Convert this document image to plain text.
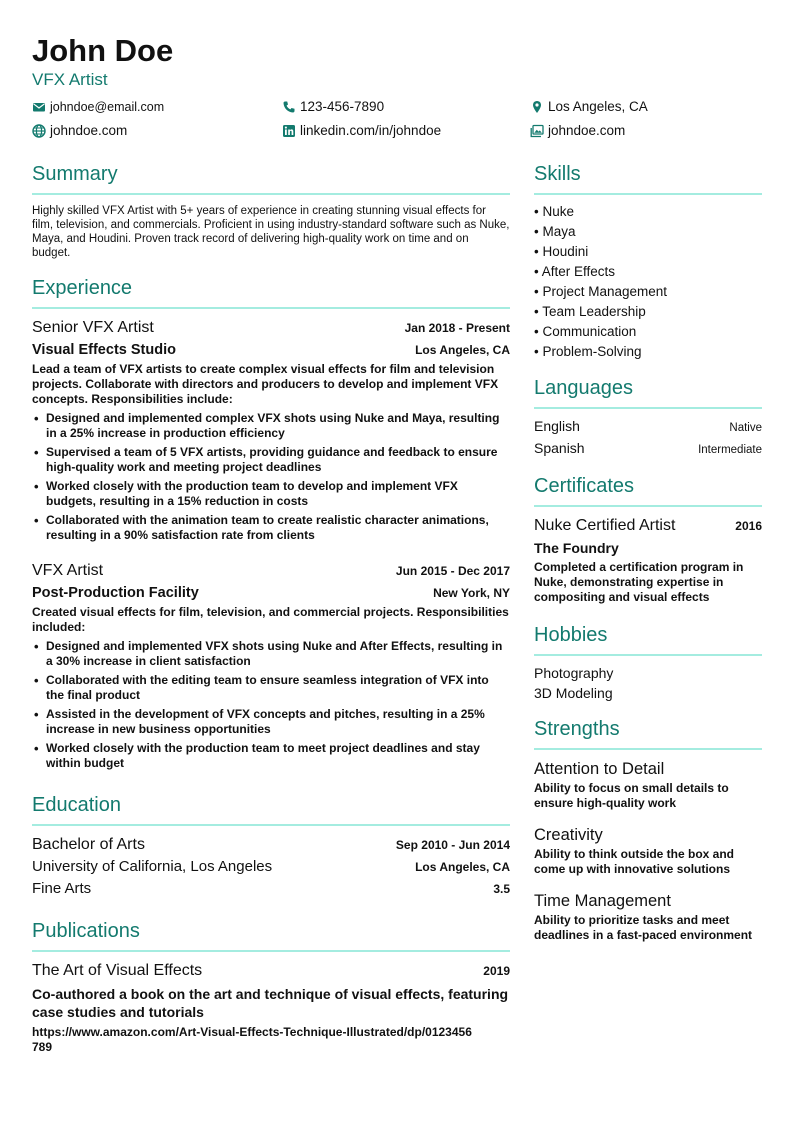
John Doe
VFX Artist
johndoe@email.com	123-456-7890	Los Angeles, CA
johndoe.com	linkedin.com/in/johndoe	johndoe.com
Summary
Highly skilled VFX Artist with 5+ years of experience in creating stunning visual effects for film, television, and commercials. Proficient in using industry-standard software such as Nuke, Maya, and Houdini. Proven track record of delivering high-quality work on time and on budget.
Experience
Senior VFX Artist	Jan 2018 - Present
Visual Effects Studio	Los Angeles, CA
Lead a team of VFX artists to create complex visual effects for film and television projects. Collaborate with directors and producers to develop and implement VFX concepts. Responsibilities include:
• Designed and implemented complex VFX shots using Nuke and Maya, resulting in a 25% increase in production efficiency
• Supervised a team of 5 VFX artists, providing guidance and feedback to ensure high-quality work and meeting project deadlines
• Worked closely with the production team to develop and implement VFX budgets, resulting in a 15% reduction in costs
• Collaborated with the animation team to create realistic character animations, resulting in a 90% satisfaction rate from clients
VFX Artist	Jun 2015 - Dec 2017
Post-Production Facility	New York, NY
Created visual effects for film, television, and commercial projects. Responsibilities included:
• Designed and implemented VFX shots using Nuke and After Effects, resulting in a 30% increase in client satisfaction
• Collaborated with the editing team to ensure seamless integration of VFX into the final product
• Assisted in the development of VFX concepts and pitches, resulting in a 25% increase in new business opportunities
• Worked closely with the production team to meet project deadlines and stay within budget
Education
Bachelor of Arts	Sep 2010 - Jun 2014
University of California, Los Angeles	Los Angeles, CA
Fine Arts	3.5
Publications
The Art of Visual Effects	2019
Co-authored a book on the art and technique of visual effects, featuring case studies and tutorials
https://www.amazon.com/Art-Visual-Effects-Technique-Illustrated/dp/0123456
789
Skills
• Nuke
• Maya
• Houdini
• After Effects
• Project Management
• Team Leadership
• Communication
• Problem-Solving
Languages
English	Native
Spanish	Intermediate
Certificates
Nuke Certified Artist	2016
The Foundry
Completed a certification program in Nuke, demonstrating expertise in compositing and visual effects
Hobbies
Photography
3D Modeling
Strengths
Attention to Detail
Ability to focus on small details to ensure high-quality work
Creativity
Ability to think outside the box and come up with innovative solutions
Time Management
Ability to prioritize tasks and meet deadlines in a fast-paced environment
